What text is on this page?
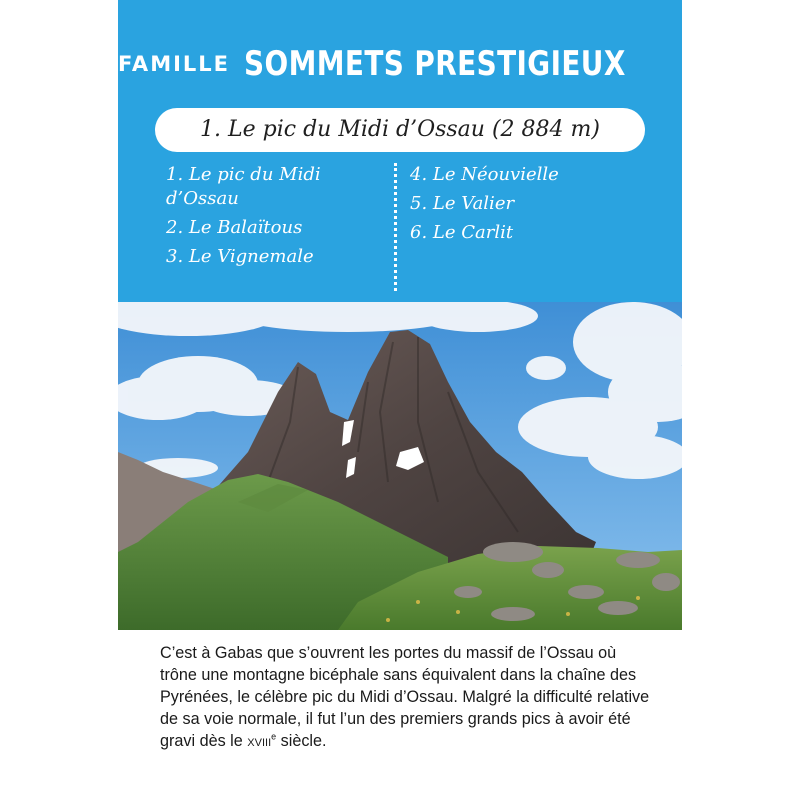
FAMILLE SOMMETS PRESTIGIEUX
1. Le pic du Midi d’Ossau (2 884 m)
1. Le pic du Midi d’Ossau
2. Le Balaïtous
3. Le Vignemale
4. Le Néouvielle
5. Le Valier
6. Le Carlit

C’est à Gabas que s’ouvrent les portes du massif de l’Ossau où trône une montagne bicéphale sans équivalent dans la chaîne des Pyrénées, le célèbre pic du Midi d’Ossau. Malgré la difficulté relative de sa voie normale, il fut l’un des premiers grands pics à avoir été gravi dès le XVIIIe siècle.
